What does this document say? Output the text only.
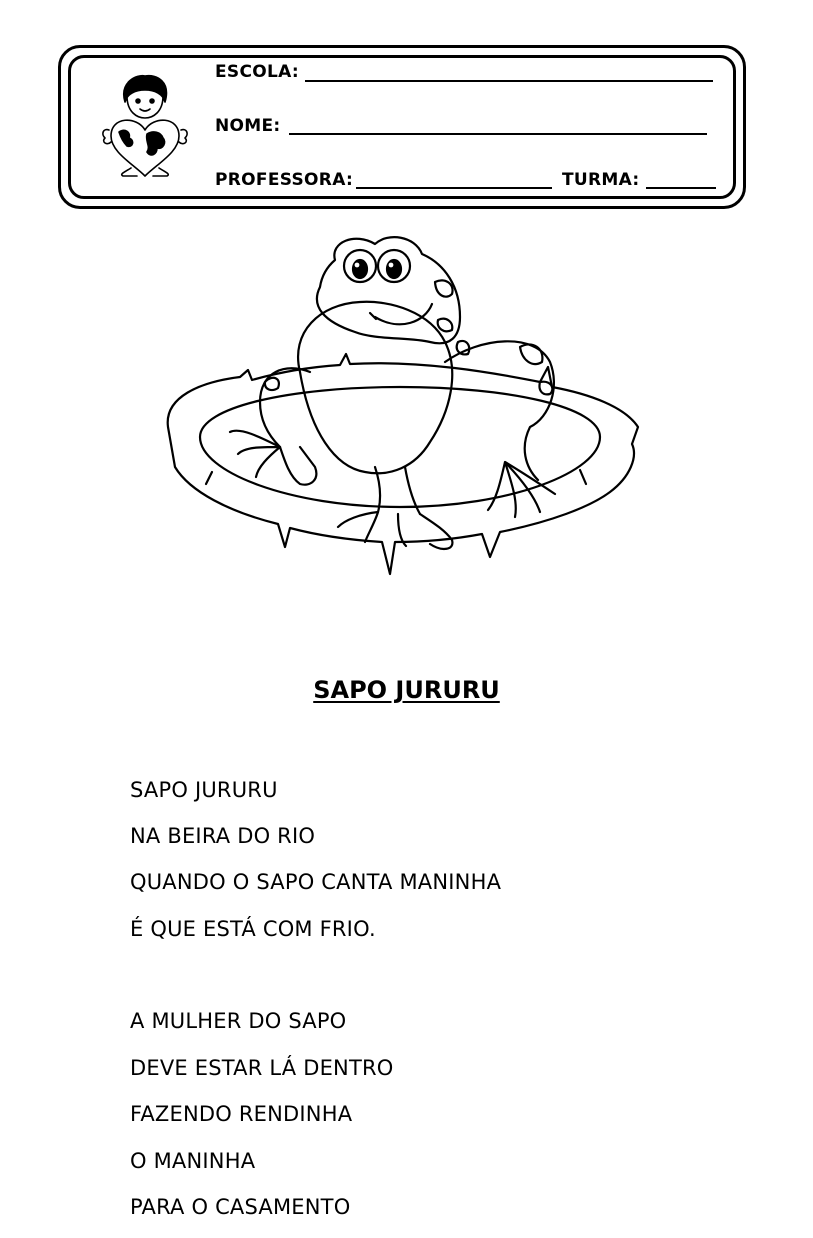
ESCOLA:
NOME:
PROFESSORA:	TURMA:
SAPO JURURU
SAPO JURURU
NA BEIRA DO RIO
QUANDO O SAPO CANTA MANINHA
É QUE ESTÁ COM FRIO.
A MULHER DO SAPO
DEVE ESTAR LÁ DENTRO
FAZENDO RENDINHA
O MANINHA
PARA O CASAMENTO
